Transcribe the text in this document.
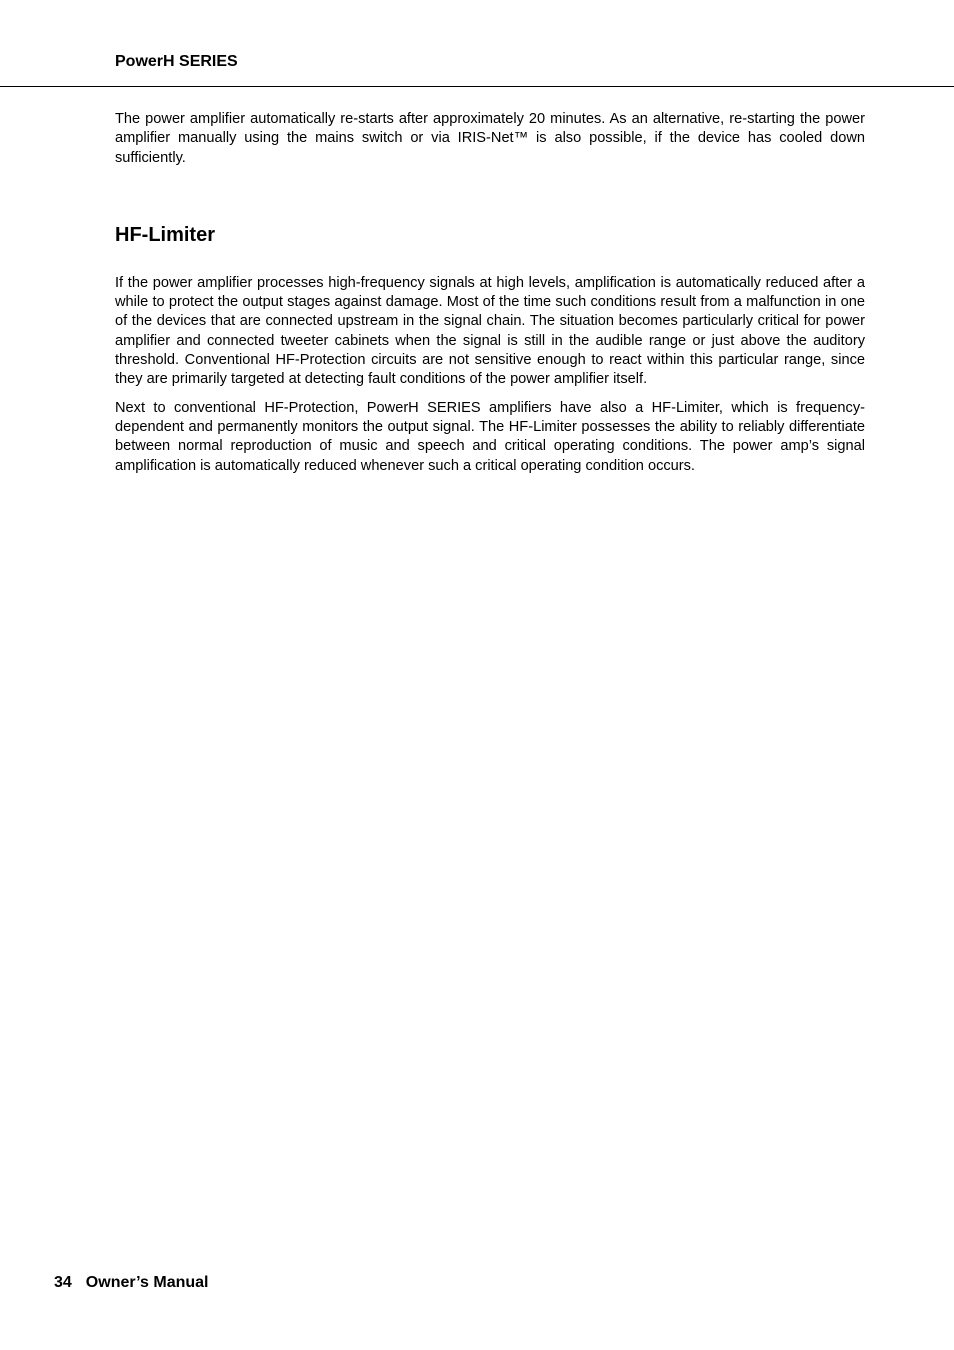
PowerH SERIES

The power amplifier automatically re-starts after approximately 20 minutes. As an alternative, re-starting the power amplifier manually using the mains switch or via IRIS-Net™ is also possible, if the device has cooled down sufficiently.

HF-Limiter

If the power amplifier processes high-frequency signals at high levels, amplification is automatically reduced after a while to protect the output stages against damage. Most of the time such conditions result from a malfunction in one of the devices that are connected upstream in the signal chain. The situation becomes particularly critical for power amplifier and connected tweeter cabinets when the signal is still in the audible range or just above the auditory threshold. Conventional HF-Protection circuits are not sensitive enough to react within this particular range, since they are primarily targeted at detecting fault conditions of the power amplifier itself.

Next to conventional HF-Protection, PowerH SERIES amplifiers have also a HF-Limiter, which is frequency-dependent and permanently monitors the output signal. The HF-Limiter possesses the ability to reliably differentiate between normal reproduction of music and speech and critical operating conditions. The power amp’s signal amplification is automatically reduced whenever such a critical operating condition occurs.

34 Owner’s Manual
